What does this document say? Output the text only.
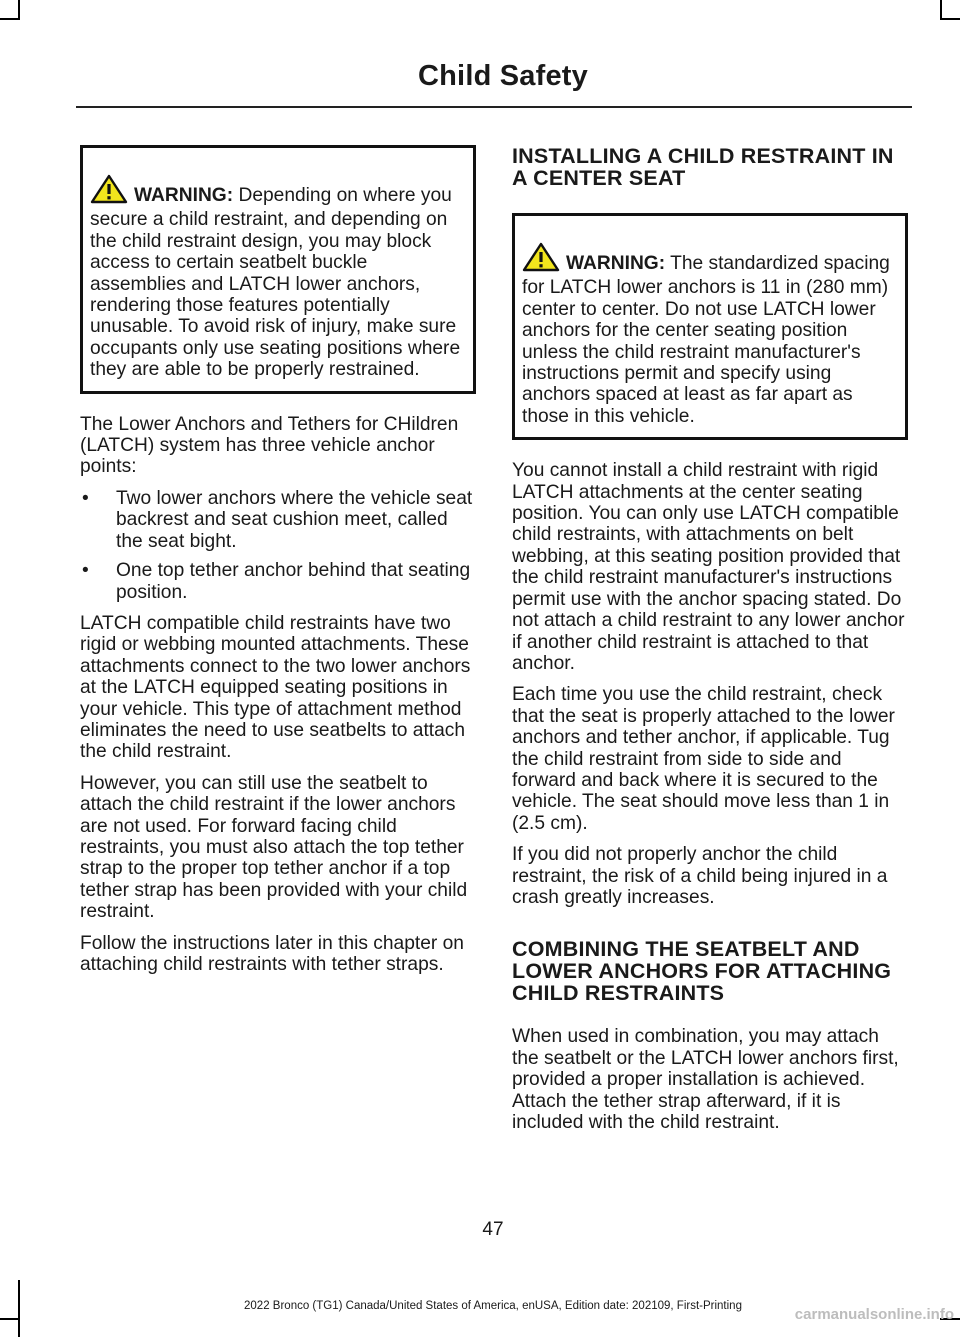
Child Safety
WARNING: Depending on where you secure a child restraint, and depending on the child restraint design, you may block access to certain seatbelt buckle assemblies and LATCH lower anchors, rendering those features potentially unusable. To avoid risk of injury, make sure occupants only use seating positions where they are able to be properly restrained.

The Lower Anchors and Tethers for CHildren (LATCH) system has three vehicle anchor points:

• Two lower anchors where the vehicle seat backrest and seat cushion meet, called the seat bight.
• One top tether anchor behind that seating position.

LATCH compatible child restraints have two rigid or webbing mounted attachments. These attachments connect to the two lower anchors at the LATCH equipped seating positions in your vehicle. This type of attachment method eliminates the need to use seatbelts to attach the child restraint.

However, you can still use the seatbelt to attach the child restraint if the lower anchors are not used. For forward facing child restraints, you must also attach the top tether strap to the proper top tether anchor if a top tether strap has been provided with your child restraint.

Follow the instructions later in this chapter on attaching child restraints with tether straps.

INSTALLING A CHILD RESTRAINT IN A CENTER SEAT
WARNING: The standardized spacing for LATCH lower anchors is 11 in (280 mm) center to center. Do not use LATCH lower anchors for the center seating position unless the child restraint manufacturer's instructions permit and specify using anchors spaced at least as far apart as those in this vehicle.

You cannot install a child restraint with rigid LATCH attachments at the center seating position. You can only use LATCH compatible child restraints, with attachments on belt webbing, at this seating position provided that the child restraint manufacturer's instructions permit use with the anchor spacing stated. Do not attach a child restraint to any lower anchor if another child restraint is attached to that anchor.

Each time you use the child restraint, check that the seat is properly attached to the lower anchors and tether anchor, if applicable. Tug the child restraint from side to side and forward and back where it is secured to the vehicle. The seat should move less than 1 in (2.5 cm).

If you did not properly anchor the child restraint, the risk of a child being injured in a crash greatly increases.

COMBINING THE SEATBELT AND LOWER ANCHORS FOR ATTACHING CHILD RESTRAINTS

When used in combination, you may attach the seatbelt or the LATCH lower anchors first, provided a proper installation is achieved. Attach the tether strap afterward, if it is included with the child restraint.

47
2022 Bronco (TG1) Canada/United States of America, enUSA, Edition date: 202109, First-Printing	carmanualsonline.info
